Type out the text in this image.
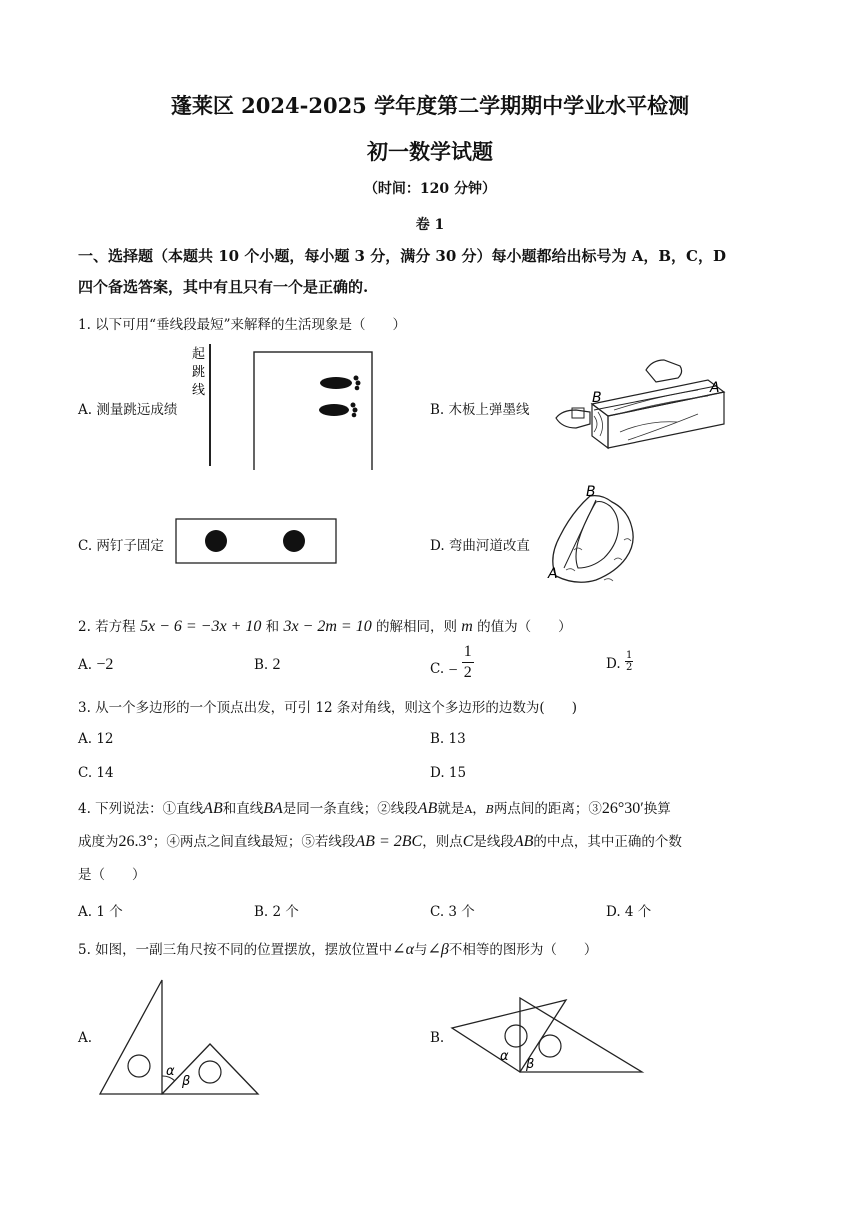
蓬莱区 2024-2025 学年度第二学期期中学业水平检测
初一数学试题
（时间：120 分钟）
卷 1
一、选择题（本题共 10 个小题，每小题 3 分，满分 30 分）每小题都给出标号为 A，B，C，D
四个备选答案，其中有且只有一个是正确的.
1. 以下可用“垂线段最短”来解释的生活现象是（　　）
A. 测量跳远成绩
起
跳
线
B. 木板上弹墨线
B
A
C. 两钉子固定	D. 弯曲河道改直
B
A
2. 若方程 5x − 6 = −3x + 10 和 3x − 2m = 10 的解相同，则 m 的值为（　　）
A. −2	B. 2	C. − $\frac{1}{2}$	D. $\frac{1}{2}$
3. 从一个多边形的一个顶点出发，可引 12 条对角线，则这个多边形的边数为(　　)
A. 12	B. 13
C. 14	D. 15
4. 下列说法：①直线AB和直线BA是同一条直线；②线段AB就是A，B两点间的距离；③26°30′换算
成度为26.3°；④两点之间直线最短；⑤若线段AB = 2BC，则点C是线段AB的中点，其中正确的个数
是（　　）
A. 1 个	B. 2 个	C. 3 个	D. 4 个
5. 如图，一副三角尺按不同的位置摆放，摆放位置中∠α与∠β不相等的图形为（　　）
A.
α
β
B.
α
β
